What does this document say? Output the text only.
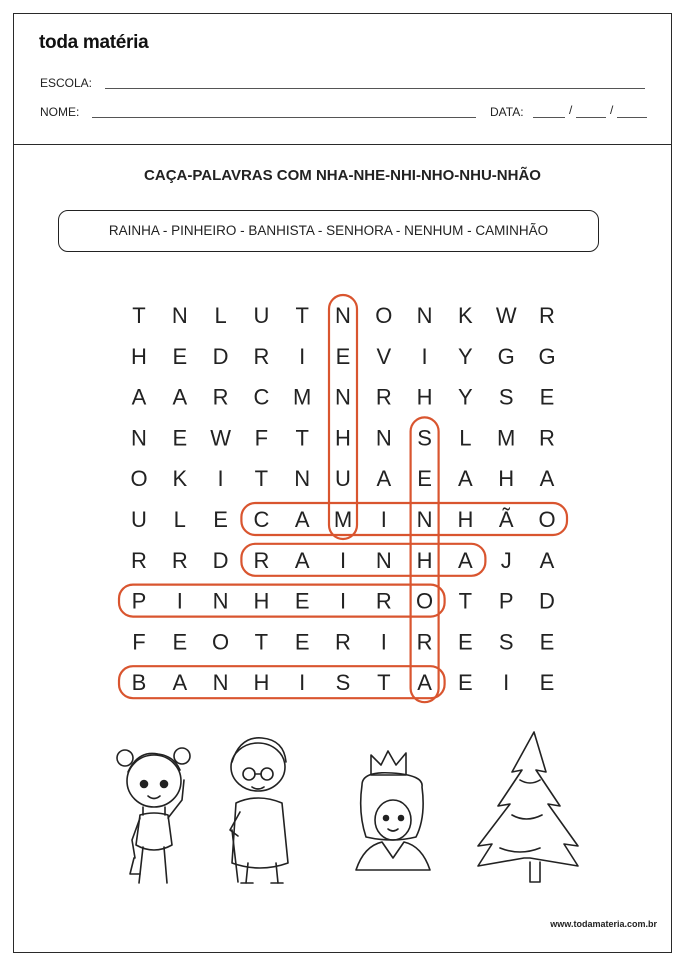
toda matéria
ESCOLA:
NOME:	DATA:	/	/
CAÇA-PALAVRAS COM NHA-NHE-NHI-NHO-NHU-NHÃO
RAINHA - PINHEIRO - BANHISTA - SENHORA - NENHUM - CAMINHÃO
T N L U T N O N K W R
H E D R I E V I Y G G
A A R C M N R H Y S E
N E W F T H N S L M R
O K I T N U A E A H A
U L E C A M I N H Ã O
R R D R A I N H A J A
P I N H E I R O T P D
F E O T E R I R E S E
B A N H I S T A E I E
www.todamateria.com.br
